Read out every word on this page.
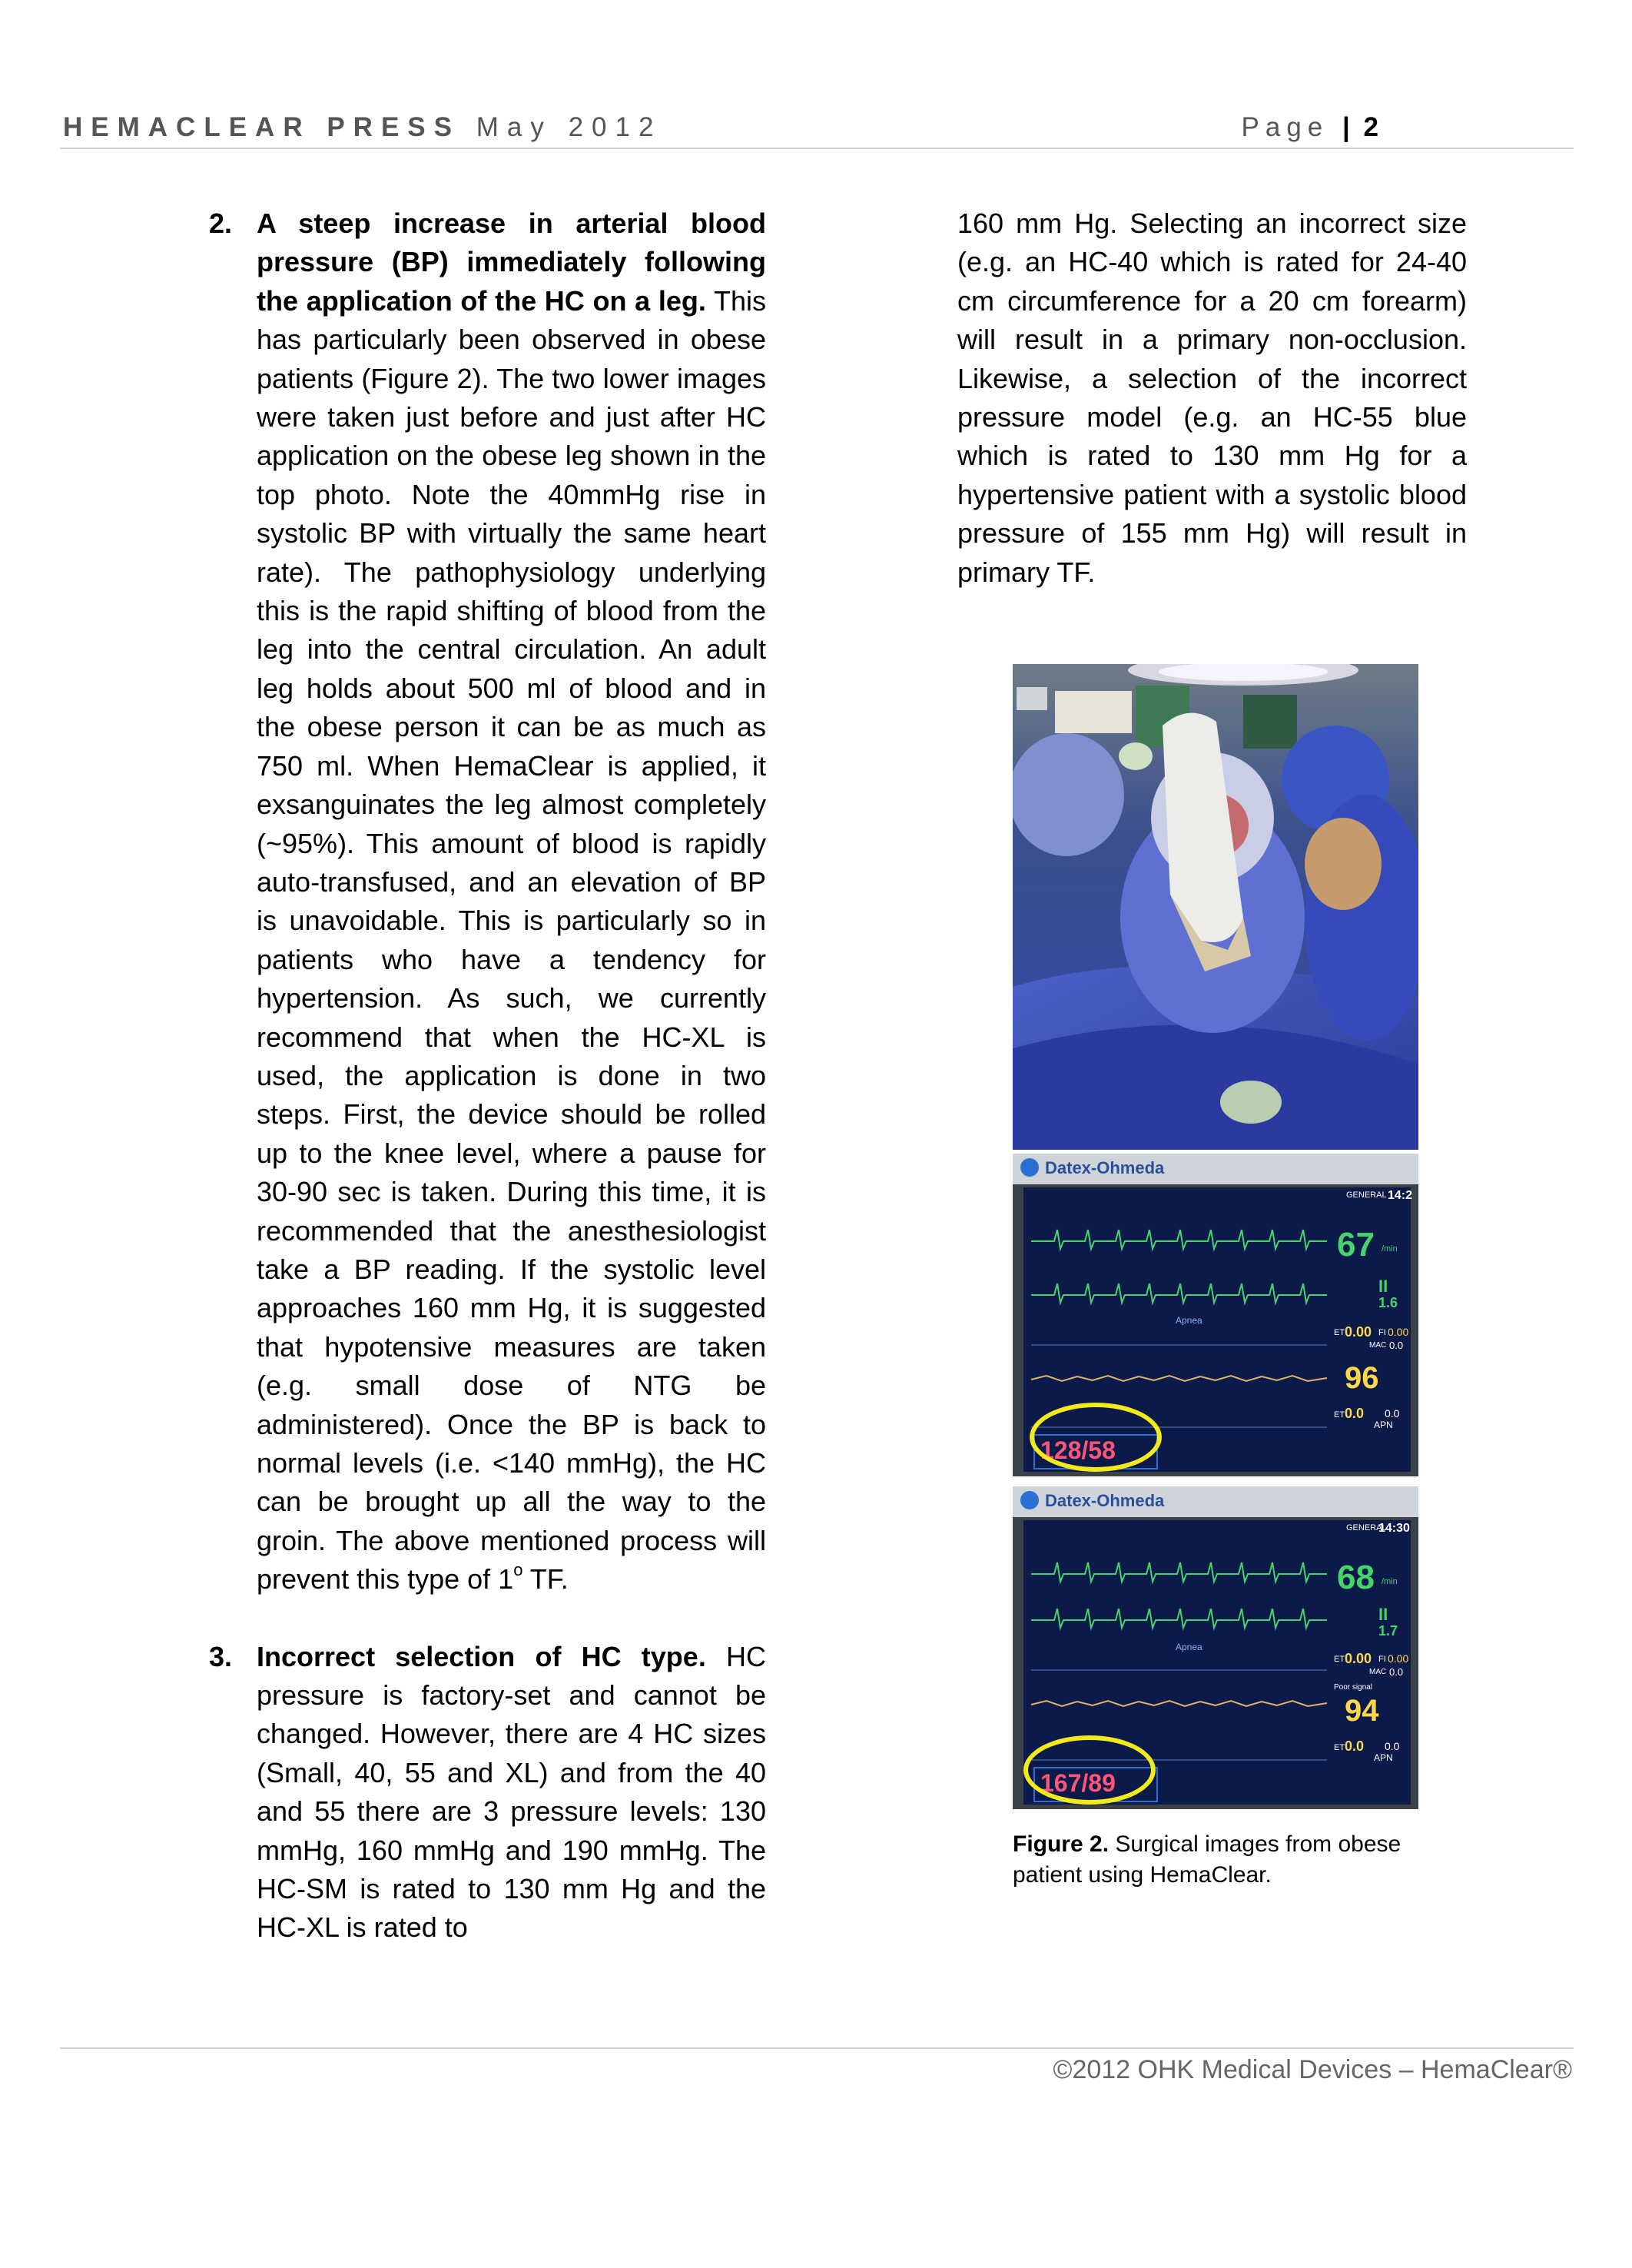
HEMACLEAR PRESS May 2012	Page | 2
2. A steep increase in arterial blood pressure (BP) immediately following the application of the HC on a leg. This has particularly been observed in obese patients (Figure 2). The two lower images were taken just before and just after HC application on the obese leg shown in the top photo. Note the 40mmHg rise in systolic BP with virtually the same heart rate). The pathophysiology underlying this is the rapid shifting of blood from the leg into the central circulation. An adult leg holds about 500 ml of blood and in the obese person it can be as much as 750 ml. When HemaClear is applied, it exsanguinates the leg almost completely (~95%). This amount of blood is rapidly auto-transfused, and an elevation of BP is unavoidable. This is particularly so in patients who have a tendency for hypertension. As such, we currently recommend that when the HC-XL is used, the application is done in two steps. First, the device should be rolled up to the knee level, where a pause for 30-90 sec is taken. During this time, it is recommended that the anesthesiologist take a BP reading. If the systolic level approaches 160 mm Hg, it is suggested that hypotensive measures are taken (e.g. small dose of NTG be administered). Once the BP is back to normal levels (i.e. <140 mmHg), the HC can be brought up all the way to the groin. The above mentioned process will prevent this type of 1$^o$ TF.
3. Incorrect selection of HC type. HC pressure is factory-set and cannot be changed. However, there are 4 HC sizes (Small, 40, 55 and XL) and from the 40 and 55 there are 3 pressure levels: 130 mmHg, 160 mmHg and 190 mmHg. The HC-SM is rated to 130 mm Hg and the HC-XL is rated to
160 mm Hg. Selecting an incorrect size (e.g. an HC-40 which is rated for 24-40 cm circumference for a 20 cm forearm) will result in a primary non-occlusion. Likewise, a selection of the incorrect pressure model (e.g. an HC-55 blue which is rated to 130 mm Hg for a hypertensive patient with a systolic blood pressure of 155 mm Hg) will result in primary TF.
Datex-Ohmeda
GENERAL 14:2
Apnea
67 /min
II
1.6
ET 0.00 FI 0.00
MAC 0.0
96
ET 0.0 0.0
APN
128/58
Datex-Ohmeda
GENERAL
14:30
Apnea
68 /min
II
1.7
ET 0.00 FI 0.00
MAC 0.0
Poor signal
94
ET 0.0 0.0
APN
167/89
Figure 2. Surgical images from obese patient using HemaClear.
©2012 OHK Medical Devices – HemaClear®
